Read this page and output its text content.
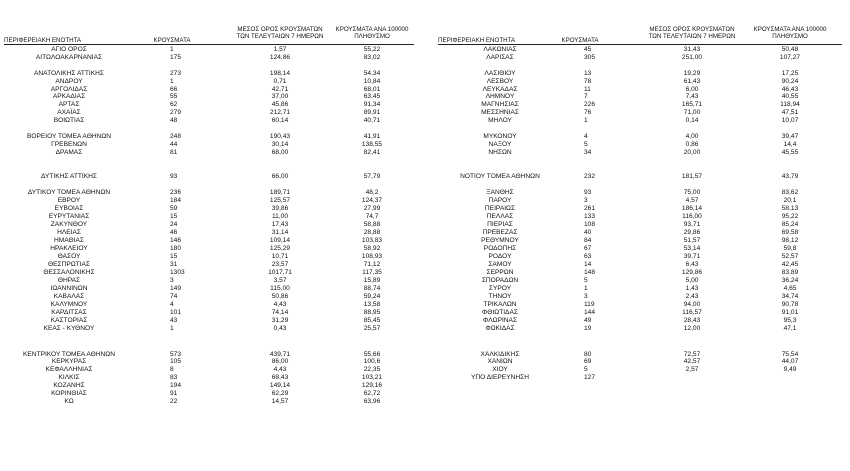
ΠΕΡΙΦΕΡΕΙΑΚΗ ΕΝΟΤΗΤΑ	ΚΡΟΥΣΜΑΤΑ
ΜΕΣΟΣ ΟΡΟΣ ΚΡΟΥΣΜΑΤΩΝ
ΤΩΝ ΤΕΛΕΥΤΑΙΩΝ 7 ΗΜΕΡΩΝ
ΚΡΟΥΣΜΑΤΑ ΑΝΑ 100000
ΠΛΗΘΥΣΜΟ
ΠΕΡΙΦΕΡΕΙΑΚΗ ΕΝΟΤΗΤΑ	ΚΡΟΥΣΜΑΤΑ
ΜΕΣΟΣ ΟΡΟΣ ΚΡΟΥΣΜΑΤΩΝ
ΤΩΝ ΤΕΛΕΥΤΑΙΩΝ 7 ΗΜΕΡΩΝ
ΚΡΟΥΣΜΑΤΑ ΑΝΑ 100000
ΠΛΗΘΥΣΜΟ
ΑΓΙΟ ΟΡΟΣ	1	1,57	55,22
ΑΙΤΩΛΟΑΚΑΡΝΑΝΙΑΣ	175	124,86	83,02
ΑΝΑΤΟΛΙΚΗΣ ΑΤΤΙΚΗΣ	273	198,14	54,34
ΑΝΔΡΟΥ	1	0,71	10,84
ΑΡΓΟΛΙΔΑΣ	66	42,71	68,01
ΑΡΚΑΔΙΑΣ	55	37,00	63,45
ΑΡΤΑΣ	62	45,86	91,34
ΑΧΑΪΑΣ	279	212,71	89,91
ΒΟΙΩΤΙΑΣ	48	60,14	40,71
ΒΟΡΕΙΟΥ ΤΟΜΕΑ ΑΘΗΝΩΝ	248	190,43	41,91
ΓΡΕΒΕΝΩΝ	44	30,14	138,55
ΔΡΑΜΑΣ	81	68,00	82,41
ΔΥΤΙΚΗΣ ΑΤΤΙΚΗΣ	93	66,00	57,79
ΔΥΤΙΚΟΥ ΤΟΜΕΑ ΑΘΗΝΩΝ	236	189,71	48,2
ΕΒΡΟΥ	184	125,57	124,37
ΕΥΒΟΙΑΣ	59	39,86	27,99
ΕΥΡΥΤΑΝΙΑΣ	15	11,00	74,7
ΖΑΚΥΝΘΟΥ	24	17,43	58,88
ΗΛΕΙΑΣ	46	31,14	28,88
ΗΜΑΘΙΑΣ	146	109,14	103,83
ΗΡΑΚΛΕΙΟΥ	180	125,29	58,92
ΘΑΣΟΥ	15	10,71	108,93
ΘΕΣΠΡΩΤΙΑΣ	31	23,57	71,12
ΘΕΣΣΑΛΟΝΙΚΗΣ	1303	1017,71	117,35
ΘΗΡΑΣ	3	3,57	15,89
ΙΩΑΝΝΙΝΩΝ	149	115,00	88,74
ΚΑΒΑΛΑΣ	74	50,86	59,24
ΚΑΛΥΜΝΟΥ	4	4,43	13,58
ΚΑΡΔΙΤΣΑΣ	101	74,14	88,95
ΚΑΣΤΟΡΙΑΣ	43	31,29	85,45
ΚΕΑΣ - ΚΥΘΝΟΥ	1	0,43	25,57
ΚΕΝΤΡΙΚΟΥ ΤΟΜΕΑ ΑΘΗΝΩΝ	573	439,71	55,66
ΚΕΡΚΥΡΑΣ	105	86,00	100,6
ΚΕΦΑΛΛΗΝΙΑΣ	8	4,43	22,35
ΚΙΛΚΙΣ	83	68,43	103,21
ΚΟΖΑΝΗΣ	194	149,14	129,16
ΚΟΡΙΝΘΙΑΣ	91	62,29	62,72
ΚΩ	22	14,57	63,96
ΛΑΚΩΝΙΑΣ	45	31,43	50,48
ΛΑΡΙΣΑΣ	305	251,00	107,27
ΛΑΣΙΘΙΟΥ	13	19,29	17,25
ΛΕΣΒΟΥ	78	61,43	90,24
ΛΕΥΚΑΔΑΣ	11	6,00	46,43
ΛΗΜΝΟΥ	7	7,43	40,55
ΜΑΓΝΗΣΙΑΣ	226	165,71	118,94
ΜΕΣΣΗΝΙΑΣ	76	71,00	47,51
ΜΗΛΟΥ	1	0,14	10,07
ΜΥΚΟΝΟΥ	4	4,00	39,47
ΝΑΞΟΥ	5	0,86	14,4
ΝΗΣΩΝ	34	20,00	45,55
ΝΟΤΙΟΥ ΤΟΜΕΑ ΑΘΗΝΩΝ	232	181,57	43,79
ΞΑΝΘΗΣ	93	75,00	83,62
ΠΑΡΟΥ	3	4,57	20,1
ΠΕΙΡΑΙΩΣ	261	186,14	58,13
ΠΕΛΛΑΣ	133	116,00	95,22
ΠΙΕΡΙΑΣ	108	93,71	85,24
ΠΡΕΒΕΖΑΣ	40	29,86	69,58
ΡΕΘΥΜΝΟΥ	84	51,57	98,12
ΡΟΔΟΠΗΣ	67	53,14	59,8
ΡΟΔΟΥ	63	39,71	52,57
ΣΑΜΟΥ	14	6,43	42,45
ΣΕΡΡΩΝ	148	129,86	83,89
ΣΠΟΡΑΔΩΝ	5	5,00	36,24
ΣΥΡΟΥ	1	1,43	4,65
ΤΗΝΟΥ	3	2,43	34,74
ΤΡΙΚΑΛΩΝ	119	94,00	90,78
ΦΘΙΩΤΙΔΑΣ	144	116,57	91,01
ΦΛΩΡΙΝΑΣ	49	28,43	95,3
ΦΩΚΙΔΑΣ	19	12,00	47,1
ΧΑΛΚΙΔΙΚΗΣ	80	72,57	75,54
ΧΑΝΙΩΝ	69	42,57	44,07
ΧΙΟΥ	5	2,57	9,49
ΥΠΟ ΔΙΕΡΕΥΝΗΣΗ	127
